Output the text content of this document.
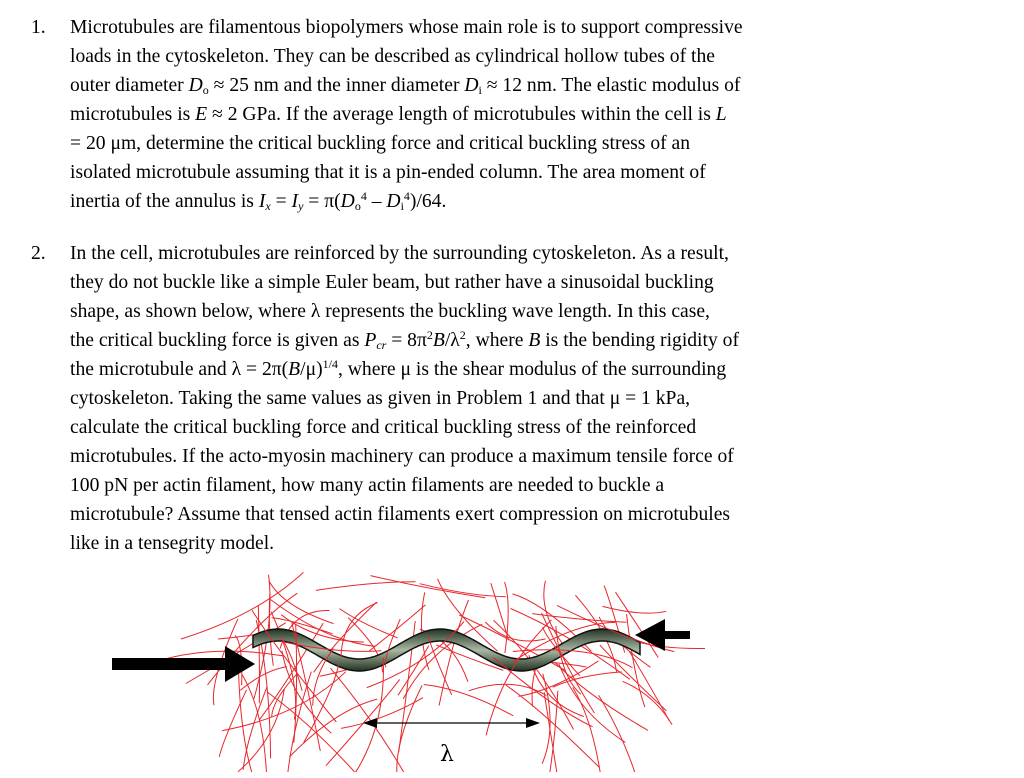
1. Microtubules are filamentous biopolymers whose main role is to support compressive
loads in the cytoskeleton. They can be described as cylindrical hollow tubes of the
outer diameter $D_o \approx 25$ nm and the inner diameter $D_i \approx 12$ nm. The elastic modulus of
microtubules is E ≈ 2 GPa. If the average length of microtubules within the cell is L
= 20 μm, determine the critical buckling force and critical buckling stress of an
isolated microtubule assuming that it is a pin-ended column. The area moment of
inertia of the annulus is $I_x = I_y = \pi(D_o^4 - D_i^4)/64$.
2. In the cell, microtubules are reinforced by the surrounding cytoskeleton. As a result,
they do not buckle like a simple Euler beam, but rather have a sinusoidal buckling
shape, as shown below, where λ represents the buckling wave length. In this case,
the critical buckling force is given as $P_{cr} = 8\pi^2B/\lambda^2$, where B is the bending rigidity of
the microtubule and $\lambda = 2\pi(B/\mu)^{1/4}$, where μ is the shear modulus of the surrounding
cytoskeleton. Taking the same values as given in Problem 1 and that μ = 1 kPa,
calculate the critical buckling force and critical buckling stress of the reinforced
microtubules. If the acto-myosin machinery can produce a maximum tensile force of
100 pN per actin filament, how many actin filaments are needed to buckle a
microtubule? Assume that tensed actin filaments exert compression on microtubules
like in a tensegrity model.
λ
